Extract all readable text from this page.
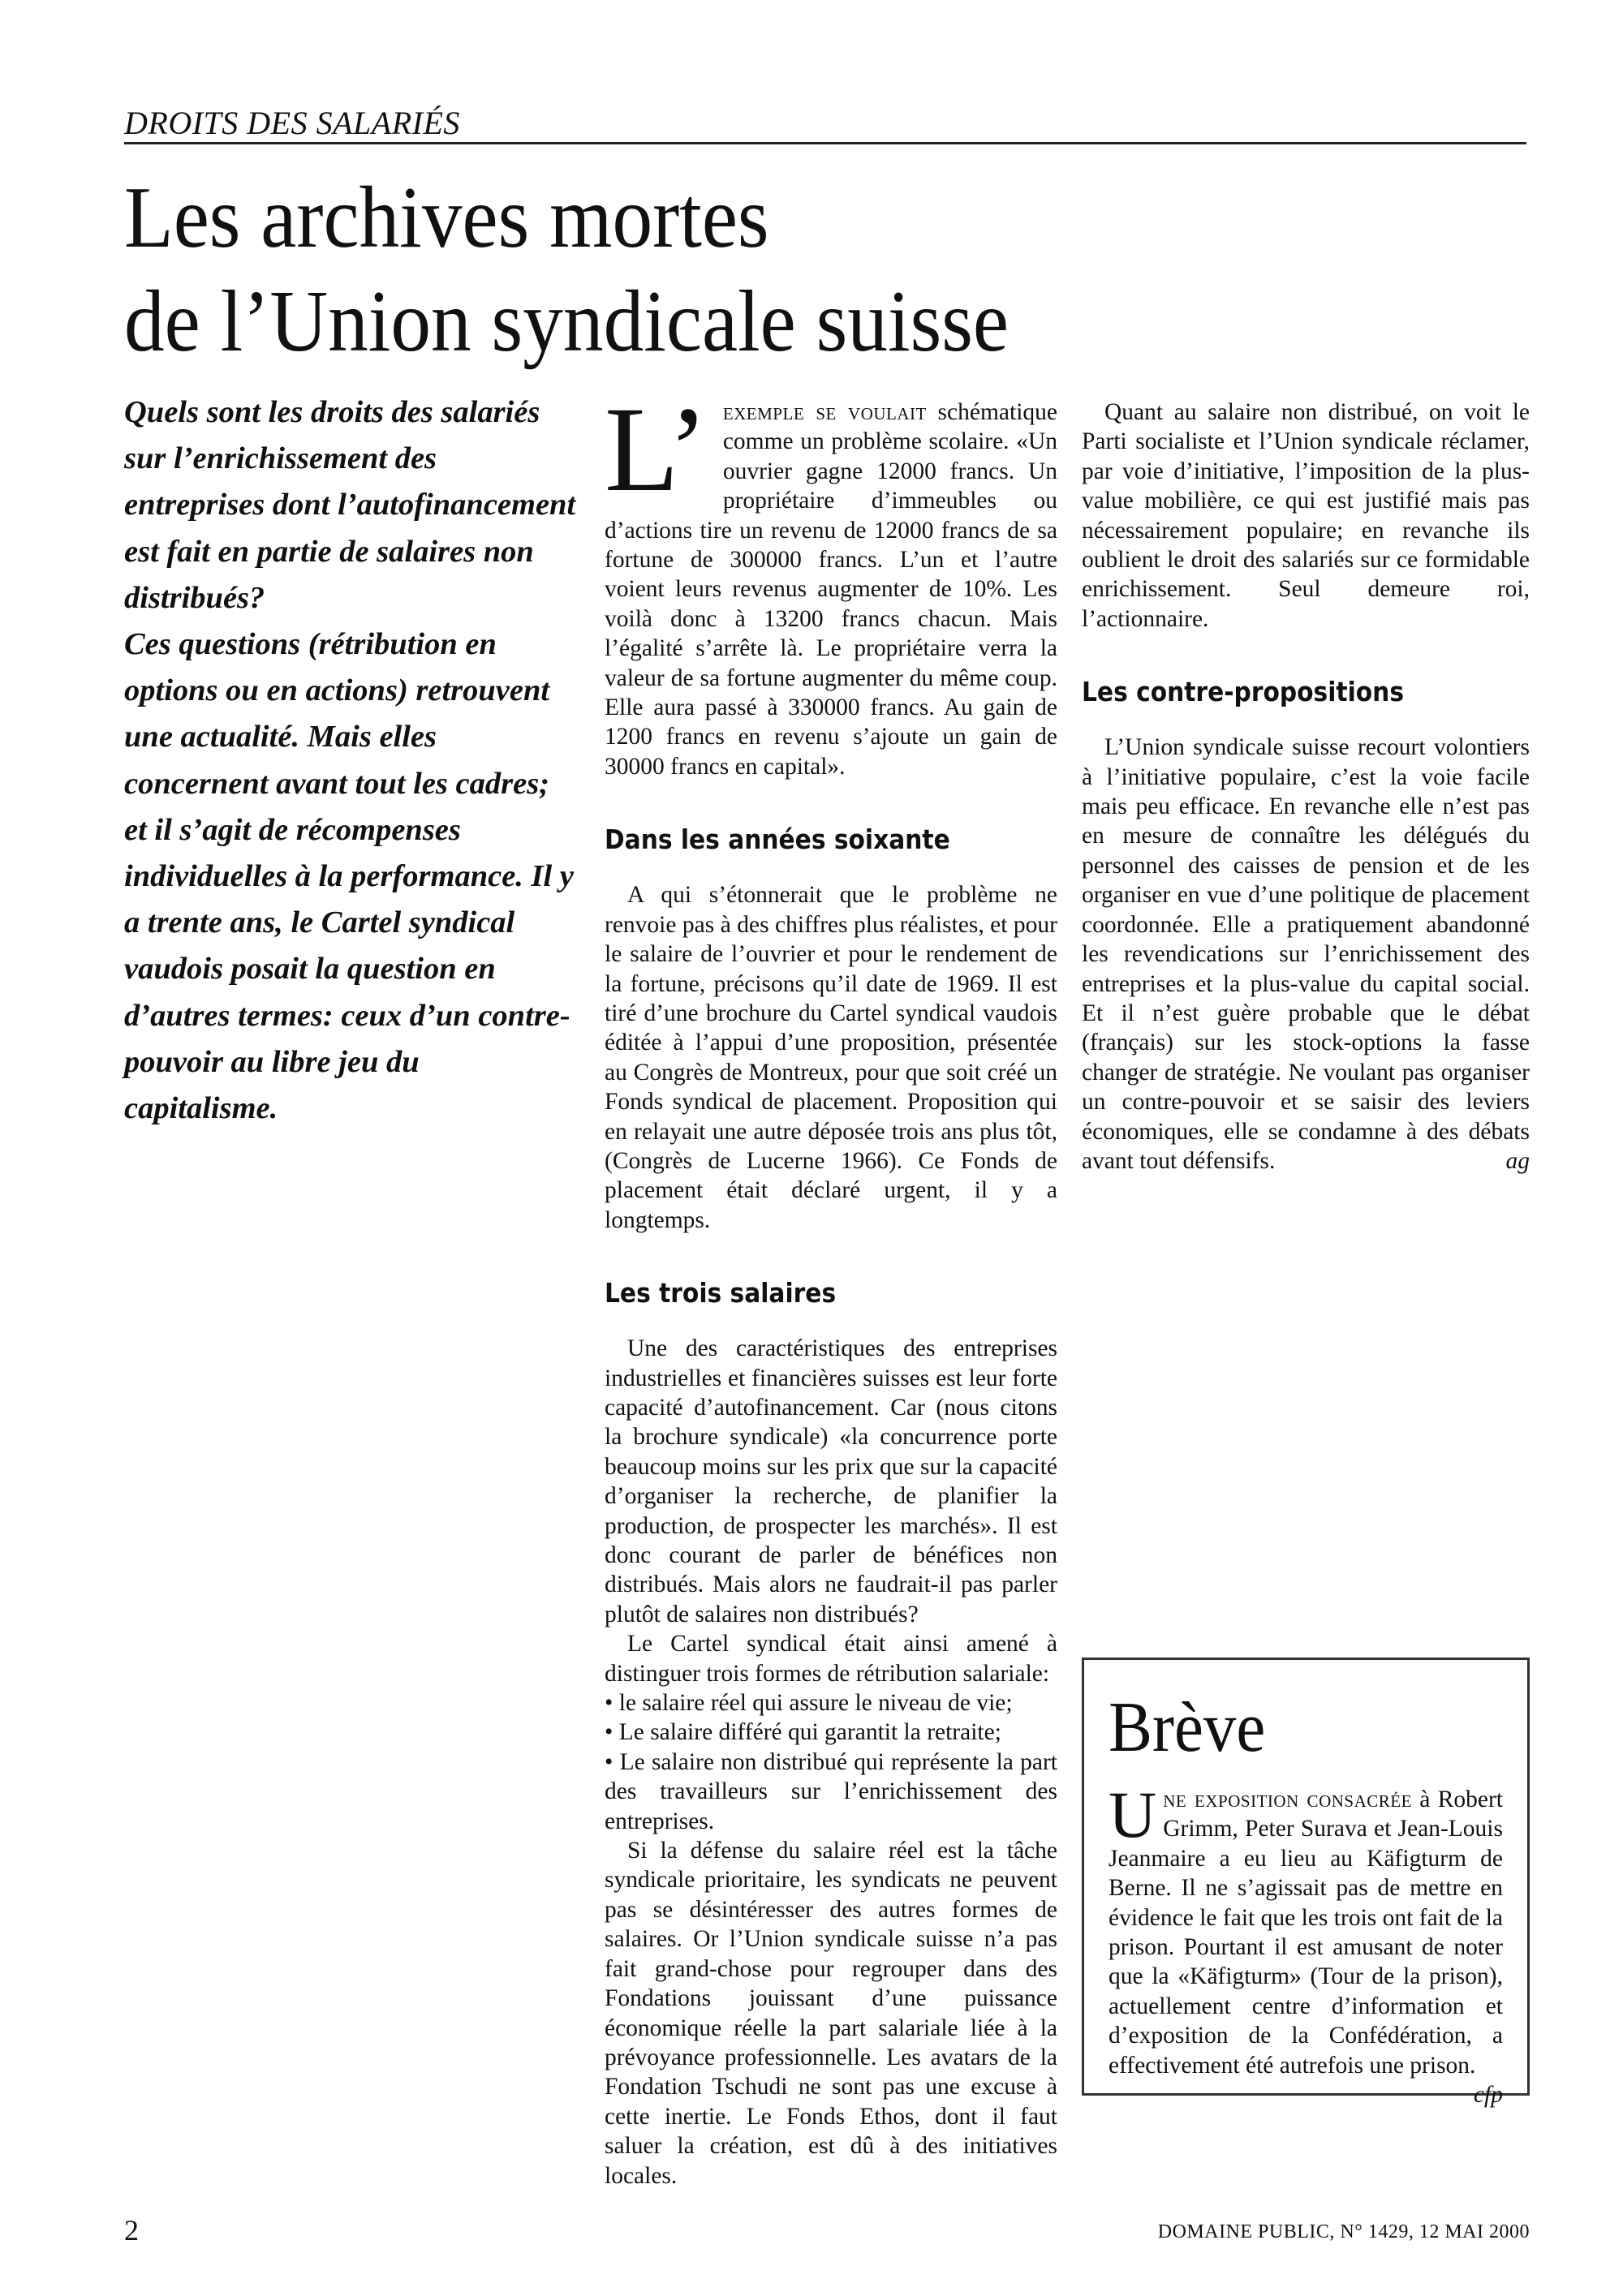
DROITS DES SALARIÉS
Les archives mortes
de l’Union syndicale suisse

Quels sont les droits des salariés sur l’enrichissement des entreprises dont l’autofinancement est fait en partie de salaires non distribués?

Ces questions (rétribution en options ou en actions) retrouvent une actualité. Mais elles concernent avant tout les cadres; et il s’agit de récompenses individuelles à la performance. Il y a trente ans, le Cartel syndical vaudois posait la question en d’autres termes: ceux d’un contre-pouvoir au libre jeu du capitalisme.

L’ exemple se voulait schématique comme un problème scolaire. «Un ouvrier gagne 12000 francs. Un propriétaire d’immeubles ou d’actions tire un revenu de 12000 francs de sa fortune de 300000 francs. L’un et l’autre voient leurs revenus augmenter de 10%. Les voilà donc à 13200 francs chacun. Mais l’égalité s’arrête là. Le propriétaire verra la valeur de sa fortune augmenter du même coup. Elle aura passé à 330000 francs. Au gain de 1200 francs en revenu s’ajoute un gain de 30000 francs en capital».

Dans les années soixante

A qui s’étonnerait que le problème ne renvoie pas à des chiffres plus réalistes, et pour le salaire de l’ouvrier et pour le rendement de la fortune, précisons qu’il date de 1969. Il est tiré d’une brochure du Cartel syndical vaudois éditée à l’appui d’une proposition, présentée au Congrès de Montreux, pour que soit créé un Fonds syndical de placement. Proposition qui en relayait une autre déposée trois ans plus tôt, (Congrès de Lucerne 1966). Ce Fonds de placement était déclaré urgent, il y a longtemps.

Les trois salaires

Une des caractéristiques des entreprises industrielles et financières suisses est leur forte capacité d’autofinancement. Car (nous citons la brochure syndicale) «la concurrence porte beaucoup moins sur les prix que sur la capacité d’organiser la recherche, de planifier la production, de prospecter les marchés». Il est donc courant de parler de bénéfices non distribués. Mais alors ne faudrait-il pas parler plutôt de salaires non distribués?

Le Cartel syndical était ainsi amené à distinguer trois formes de rétribution salariale:

• le salaire réel qui assure le niveau de vie;

• Le salaire différé qui garantit la retraite;

• Le salaire non distribué qui représente la part des travailleurs sur l’enrichissement des entreprises.

Si la défense du salaire réel est la tâche syndicale prioritaire, les syndicats ne peuvent pas se désintéresser des autres formes de salaires. Or l’Union syndicale suisse n’a pas fait grand-chose pour regrouper dans des Fondations jouissant d’une puissance économique réelle la part salariale liée à la prévoyance professionnelle. Les avatars de la Fondation Tschudi ne sont pas une excuse à cette inertie. Le Fonds Ethos, dont il faut saluer la création, est dû à des initiatives locales.

Quant au salaire non distribué, on voit le Parti socialiste et l’Union syndicale réclamer, par voie d’initiative, l’imposition de la plus-value mobilière, ce qui est justifié mais pas nécessairement populaire; en revanche ils oublient le droit des salariés sur ce formidable enrichissement. Seul demeure roi, l’actionnaire.

Les contre-propositions

L’Union syndicale suisse recourt volontiers à l’initiative populaire, c’est la voie facile mais peu efficace. En revanche elle n’est pas en mesure de connaître les délégués du personnel des caisses de pension et de les organiser en vue d’une politique de placement coordonnée. Elle a pratiquement abandonné les revendications sur l’enrichissement des entreprises et la plus-value du capital social. Et il n’est guère probable que le débat (français) sur les stock-options la fasse changer de stratégie. Ne voulant pas organiser un contre-pouvoir et se saisir des leviers économiques, elle se condamne à des débats avant tout défensifs.	ag

Brève

Une exposition consacrée à Robert Grimm, Peter Surava et Jean-Louis Jeanmaire a eu lieu au Käfigturm de Berne. Il ne s’agissait pas de mettre en évidence le fait que les trois ont fait de la prison. Pourtant il est amusant de noter que la «Käfigturm» (Tour de la prison), actuellement centre d’information et d’exposition de la Confédération, a effectivement été autrefois une prison.
cfp

2	DOMAINE PUBLIC, N° 1429, 12 MAI 2000
